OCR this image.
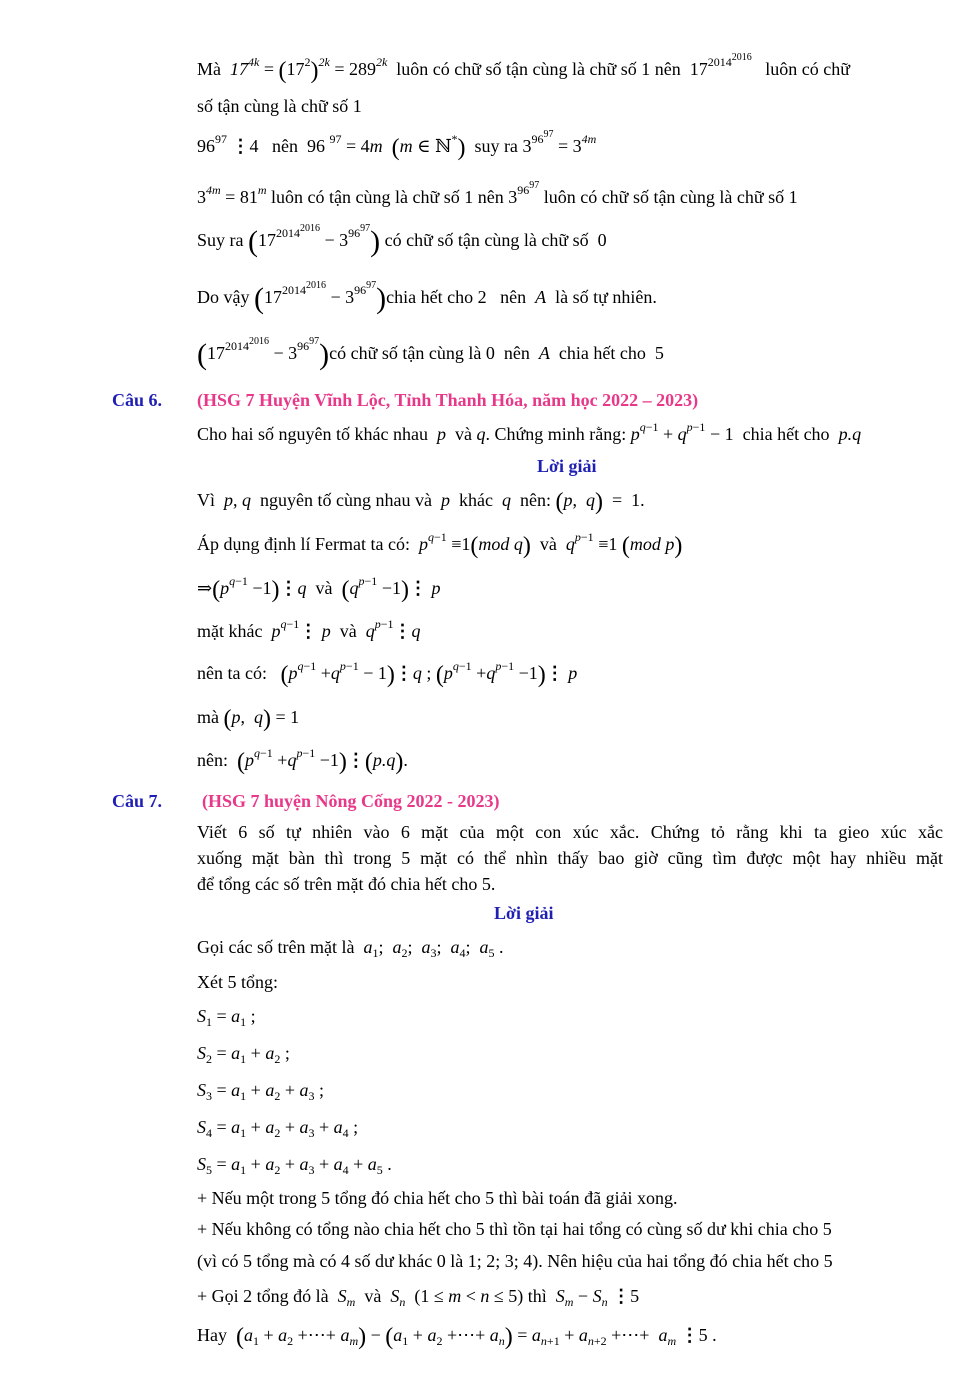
Mà $17^{4k} = (17^2)^{2k} = 289^{2k}$ luôn có chữ số tận cùng là chữ số 1 nên  $17^{2014^{2016}}$   luôn có chữ
số tận cùng là chữ số 1
$96^{97}$ ⋮4   nên  96 $^{97}$ = 4m (m ∈ ℕ*) suy ra $3^{96^{97}} = 3^{4m}$
$3^{4m} = 81^m$ luôn có tận cùng là chữ số 1 nên $3^{96^{97}}$ luôn có chữ số tận cùng là chữ số 1
Suy ra $(17^{2014^{2016}} - 3^{96^{97}})$ có chữ số tận cùng là chữ số  0
Do vậy ($17^{2014^{2016}}$ − $3^{96^{97}})chia$ hết cho 2   nên A là số tự nhiên.
($17^{2014^{2016}}$ − $3^{96^{97}})có$ chữ số tận cùng là 0  nên A chia hết cho  5
Câu 6. (HSG 7 Huyện Vĩnh Lộc, Tỉnh Thanh Hóa, năm học 2022 – 2023)
Cho hai số nguyên tố khác nhau p và q. Chứng minh rằng: $p^{q-1} + q^{p-1} - 1$  chia hết cho p.q
Lời giải
Vì p, q nguyên tố cùng nhau và p khác q nên: (p,  q)  =  1.
Áp dụng định lí Fermat ta có: $p^{q-1} \equiv 1(mod$ q) và $q^{p-1} \equiv 1$ (mod p)
$\Rightarrow(p^{q-1}$ −1)⋮q và ($q^{p-1}$ −1)⋮ p
mặt khác $p^{q-1}⋮$ p và $q^{p-1}⋮q$
nên ta có: ($p^{q-1} +q^{p-1}$ − 1)⋮q ; ($p^{q-1} +q^{p-1}$ −1)⋮ p
mà (p,  q) = 1
nên: ($p^{q-1} +q^{p-1}$ −1)⋮(p.q).
Câu 7. (HSG 7 huyện Nông Cống 2022 - 2023)
Viết 6 số tự nhiên vào 6 mặt của một con xúc xắc. Chứng tỏ rằng khi ta gieo xúc xắc
xuống mặt bàn thì trong 5 mặt có thể nhìn thấy bao giờ cũng tìm được một hay nhiều mặt
để tổng các số trên mặt đó chia hết cho 5.
Lời giải
Gọi các số trên mặt là $a_1$;  $a_2$;  $a_3$;  $a_4$;  $a_5$ .
Xét 5 tổng:
$S_1 = a_1$ ;
$S_2 = a_1 + a_2$ ;
$S_3 = a_1 + a_2 + a_3$ ;
$S_4 = a_1 + a_2 + a_3 + a_4$ ;
$S_5 = a_1 + a_2 + a_3 + a_4 + a_5$ .
+ Nếu một trong 5 tổng đó chia hết cho 5 thì bài toán đã giải xong.
+ Nếu không có tổng nào chia hết cho 5 thì tồn tại hai tổng có cùng số dư khi chia cho 5
(vì có 5 tổng mà có 4 số dư khác 0 là 1; 2; 3; 4). Nên hiệu của hai tổng đó chia hết cho 5
+ Gọi 2 tổng đó là $S_m$ và $S_n$  (1 ≤ m < n ≤ 5) thì $S_m - S_n$ ⋮5
Hay ($a_1 + a_2$ +⋯+ $a_m) - (a_1 + a_2$ +⋯+ $a_n) = a_{n+1} + a_{n+2}$ +⋯+  $a_m$ ⋮5 .
